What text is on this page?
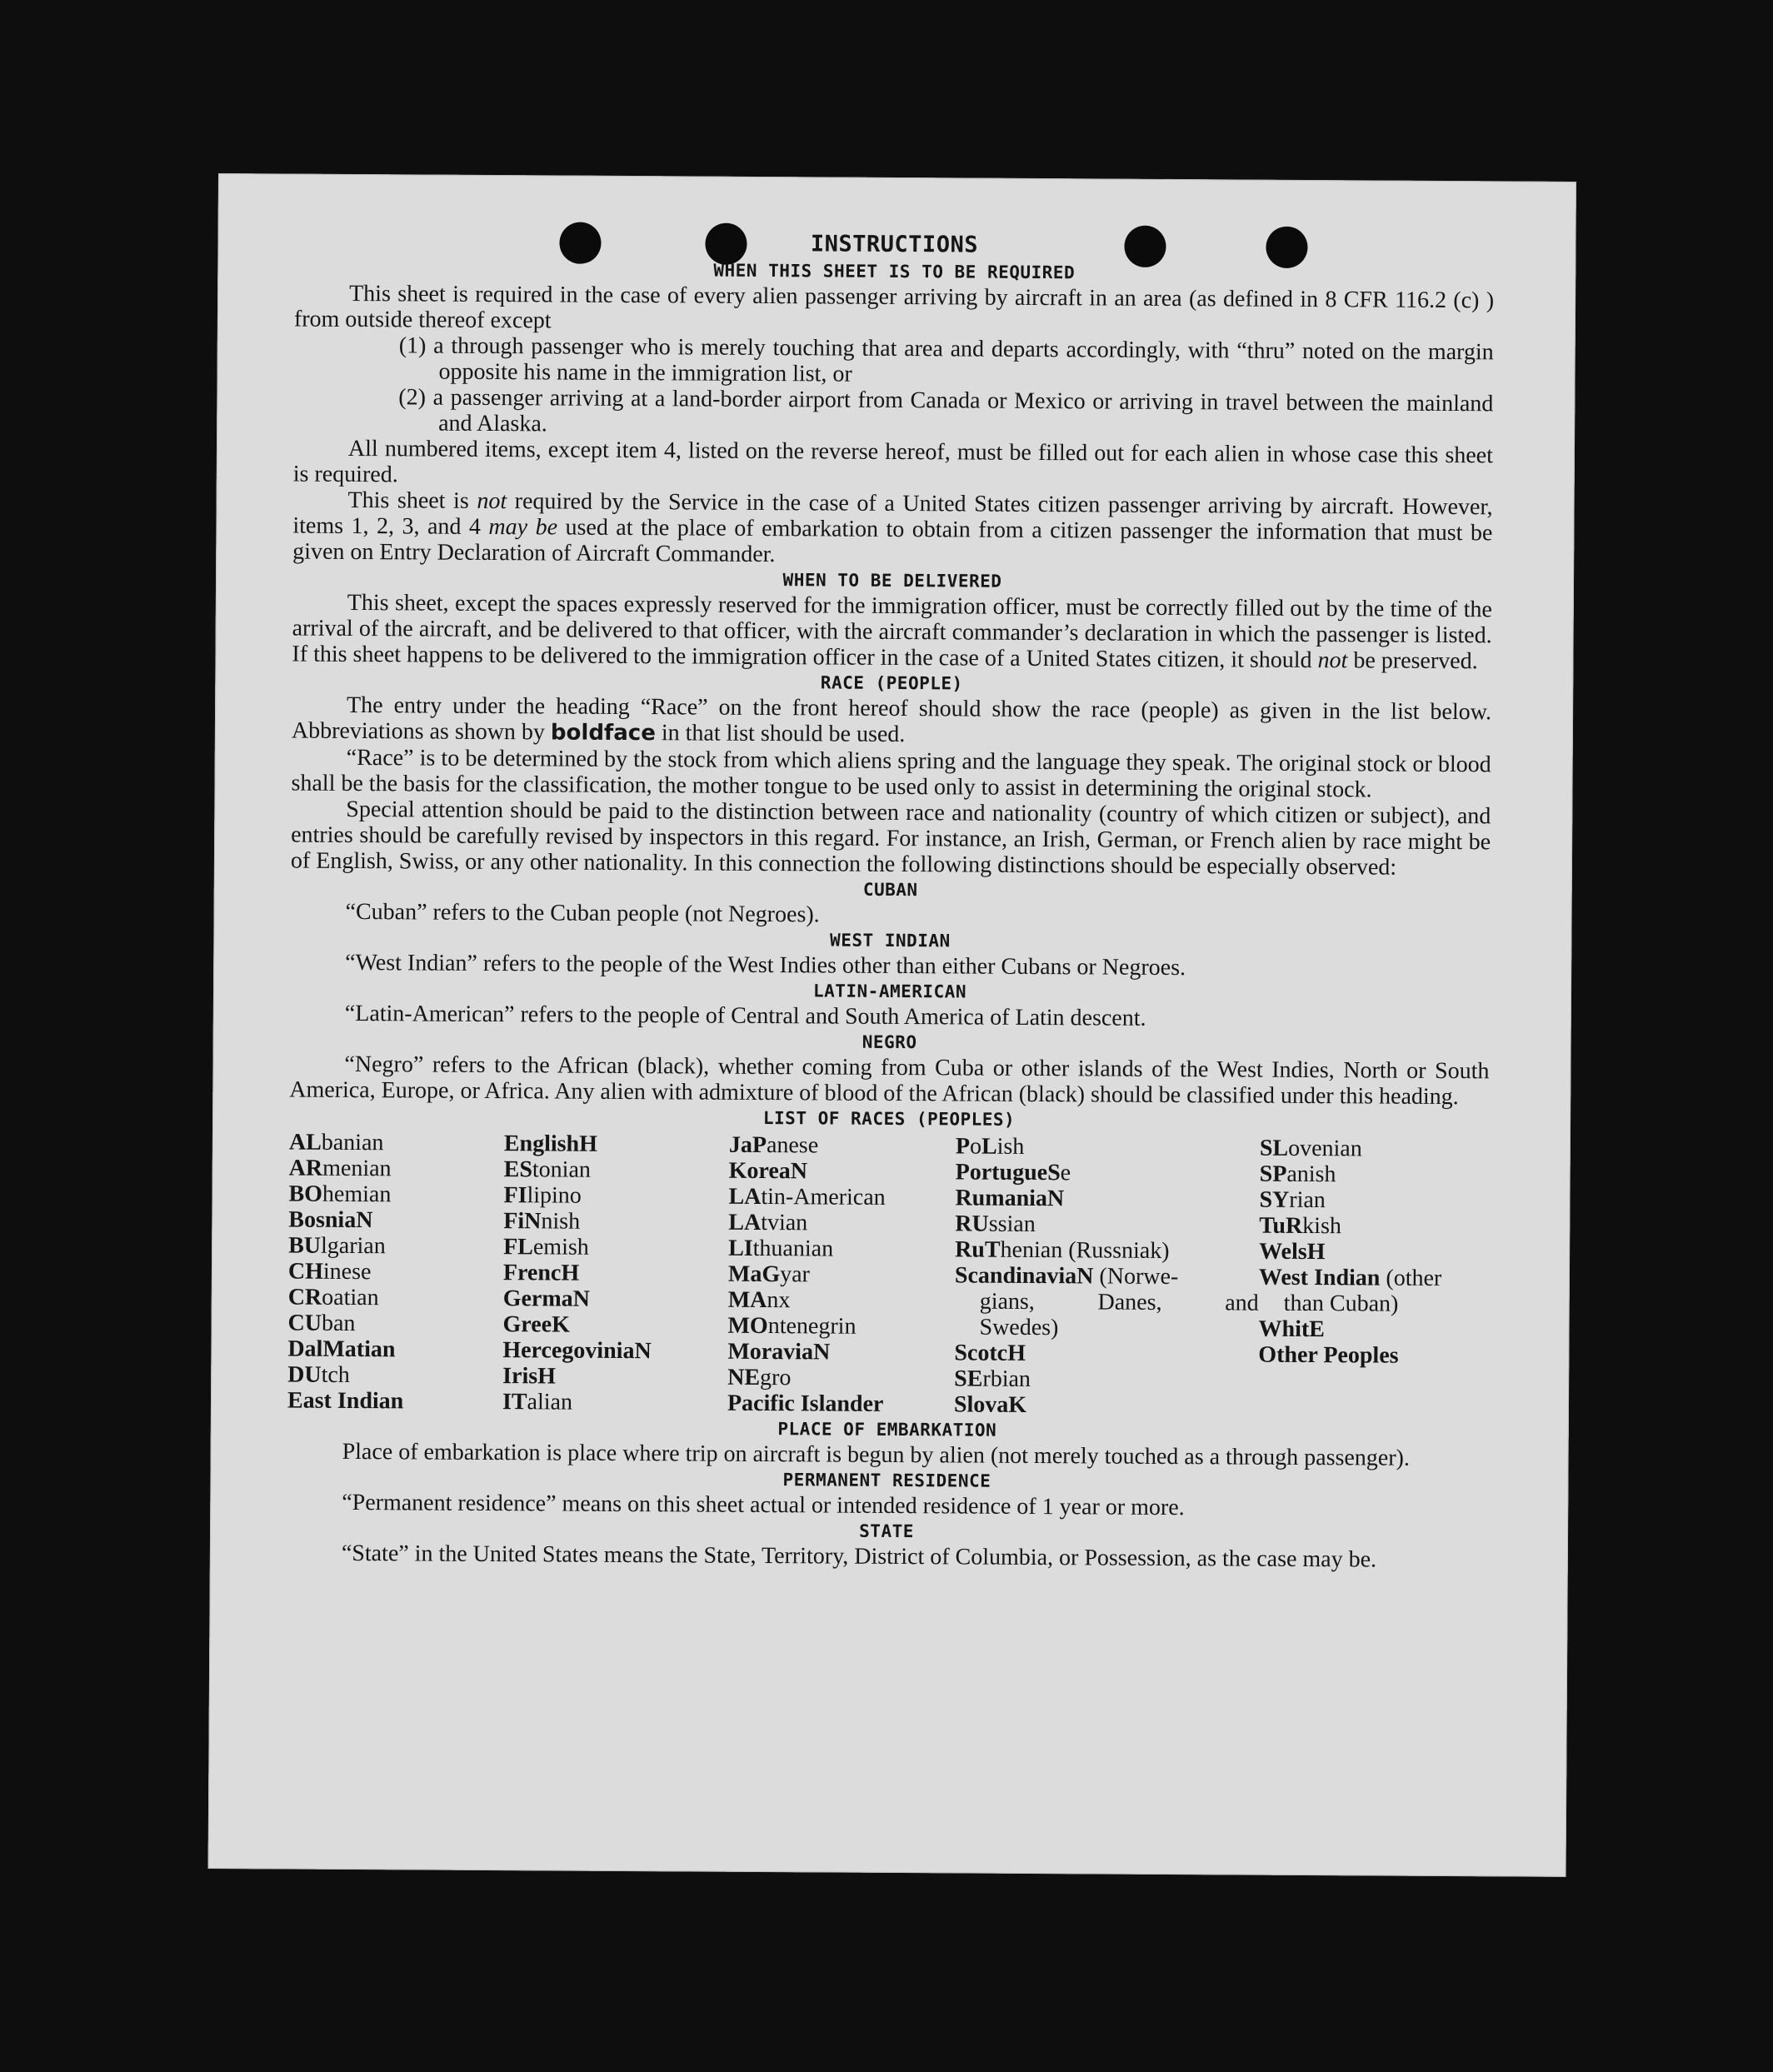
INSTRUCTIONS
WHEN THIS SHEET IS TO BE REQUIRED

This sheet is required in the case of every alien passenger arriving by aircraft in an area (as defined in 8 CFR 116.2 (c) ) from outside thereof except

(1) a through passenger who is merely touching that area and departs accordingly, with “thru” noted on the margin opposite his name in the immigration list, or
(2) a passenger arriving at a land-border airport from Canada or Mexico or arriving in travel between the mainland and Alaska.

All numbered items, except item 4, listed on the reverse hereof, must be filled out for each alien in whose case this sheet is required.

This sheet is not required by the Service in the case of a United States citizen passenger arriving by aircraft. However, items 1, 2, 3, and 4 may be used at the place of embarkation to obtain from a citizen passenger the information that must be given on Entry Declaration of Aircraft Commander.

WHEN TO BE DELIVERED

This sheet, except the spaces expressly reserved for the immigration officer, must be correctly filled out by the time of the arrival of the aircraft, and be delivered to that officer, with the aircraft commander’s declaration in which the passenger is listed. If this sheet happens to be delivered to the immigration officer in the case of a United States citizen, it should not be preserved.

RACE (PEOPLE)

The entry under the heading “Race” on the front hereof should show the race (people) as given in the list below. Abbreviations as shown by boldface in that list should be used.

“Race” is to be determined by the stock from which aliens spring and the language they speak. The original stock or blood shall be the basis for the classification, the mother tongue to be used only to assist in determining the original stock.

Special attention should be paid to the distinction between race and nationality (country of which citizen or subject), and entries should be carefully revised by inspectors in this regard. For instance, an Irish, German, or French alien by race might be of English, Swiss, or any other nationality. In this connection the following distinctions should be especially observed:

CUBAN

“Cuban” refers to the Cuban people (not Negroes).

WEST INDIAN

“West Indian” refers to the people of the West Indies other than either Cubans or Negroes.

LATIN-AMERICAN

“Latin-American” refers to the people of Central and South America of Latin descent.

NEGRO

“Negro” refers to the African (black), whether coming from Cuba or other islands of the West Indies, North or South America, Europe, or Africa. Any alien with admixture of blood of the African (black) should be classified under this heading.

LIST OF RACES (PEOPLES)
ALbanian
ARmenian
BOhemian
BosniaN
BUlgarian
CHinese
CRoatian
CUban
DalMatian
DUtch
East Indian
EnglishH
EStonian
FIlipino
FiNnish
FLemish
FrencH
GermaN
GreeK
HercegoviniaN
IrisH
ITalian
JaPanese
KoreaN
LAtin-American
LAtvian
LIthuanian
MaGyar
MAnx
MOntenegrin
MoraviaN
NEgro
Pacific Islander
PoLish
PortugueSe
RumaniaN
RUssian
RuThenian (Russniak)
ScandinaviaN (Norwe-
gians, Danes, and
Swedes)
ScotcH
SErbian
SlovaK
SLovenian
SPanish
SYrian
TuRkish
WelsH
West Indian (other
than Cuban)
WhitE
Other Peoples
PLACE OF EMBARKATION

Place of embarkation is place where trip on aircraft is begun by alien (not merely touched as a through passenger).

PERMANENT RESIDENCE

“Permanent residence” means on this sheet actual or intended residence of 1 year or more.

STATE

“State” in the United States means the State, Territory, District of Columbia, or Possession, as the case may be.
